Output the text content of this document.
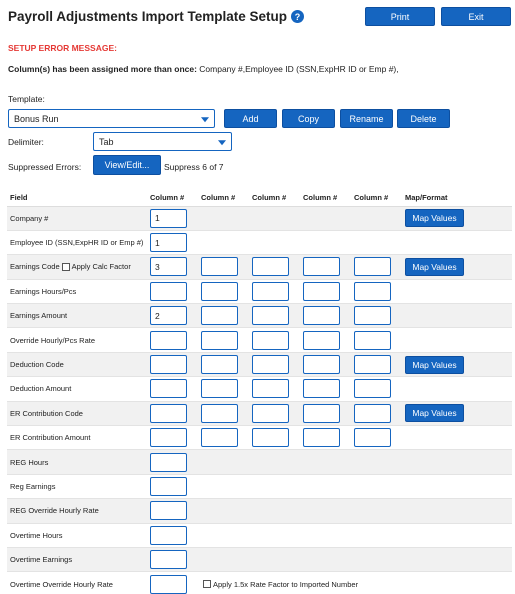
Payroll Adjustments Import Template Setup ?	Print	Exit
SETUP ERROR MESSAGE:
Column(s) has been assigned more than once: Company #,Employee ID (SSN,ExpHR ID or Emp #),
Template:
Bonus Run	Add	Copy	Rename	Delete
Delimiter:	Tab
Suppressed Errors:	View/Edit...	Suppress 6 of 7
Field	Column #	Column #	Column #	Column #	Column #	Map/Format
Company #	1					Map Values

Employee ID (SSN,ExpHR ID or Emp #)	1					

Earnings Code Apply Calc Factor	3					Map Values

Earnings Hours/Pcs	

Earnings Amount	2					

Override Hourly/Pcs Rate	

Deduction Code						Map Values

Deduction Amount	

ER Contribution Code						Map Values

ER Contribution Amount	

REG Hours	

Reg Earnings	

REG Override Hourly Rate	

Overtime Hours	

Overtime Earnings	

Overtime Override Hourly Rate		Apply 1.5x Rate Factor to Imported Number				
